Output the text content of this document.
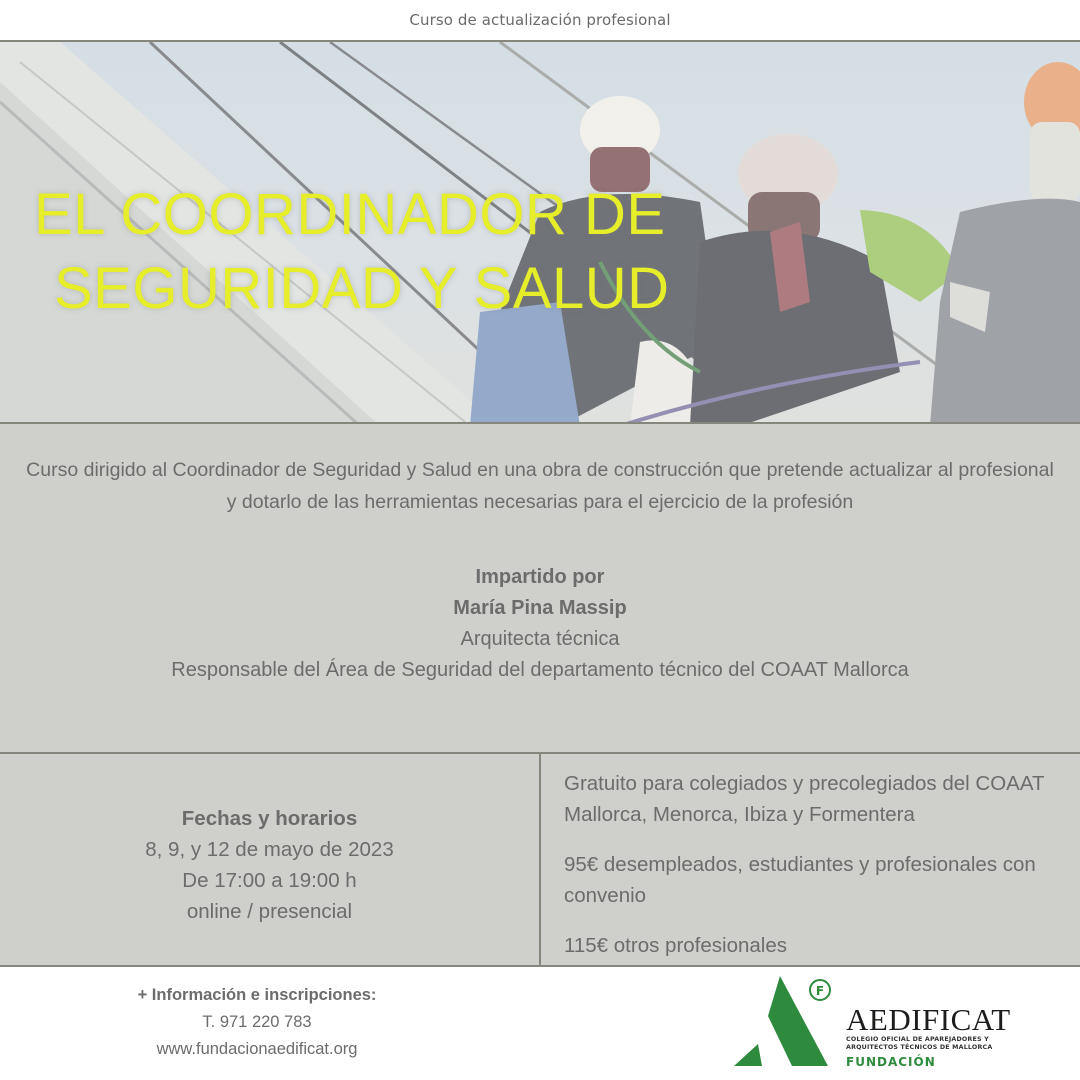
Curso de actualización profesional
EL COORDINADOR DE
SEGURIDAD Y SALUD
Curso dirigido al Coordinador de Seguridad y Salud en una obra de construcción que pretende actualizar al profesional y dotarlo de las herramientas necesarias para el ejercicio de la profesión
Impartido por
María Pina Massip
Arquitecta técnica
Responsable del Área de Seguridad del departamento técnico del COAAT Mallorca
Fechas y horarios
8, 9, y 12 de mayo de 2023
De 17:00 a 19:00 h
online / presencial

Gratuito para colegiados y precolegiados del COAAT Mallorca, Menorca, Ibiza y Formentera

95€ desempleados, estudiantes y profesionales con convenio

115€ otros profesionales

+ Información e inscripciones:
T. 971 220 783
www.fundacionaedificat.org
F
AEDIFICAT
COLEGIO OFICIAL DE APAREJADORES Y
ARQUITECTOS TÉCNICOS DE MALLORCA
FUNDACIÓN
